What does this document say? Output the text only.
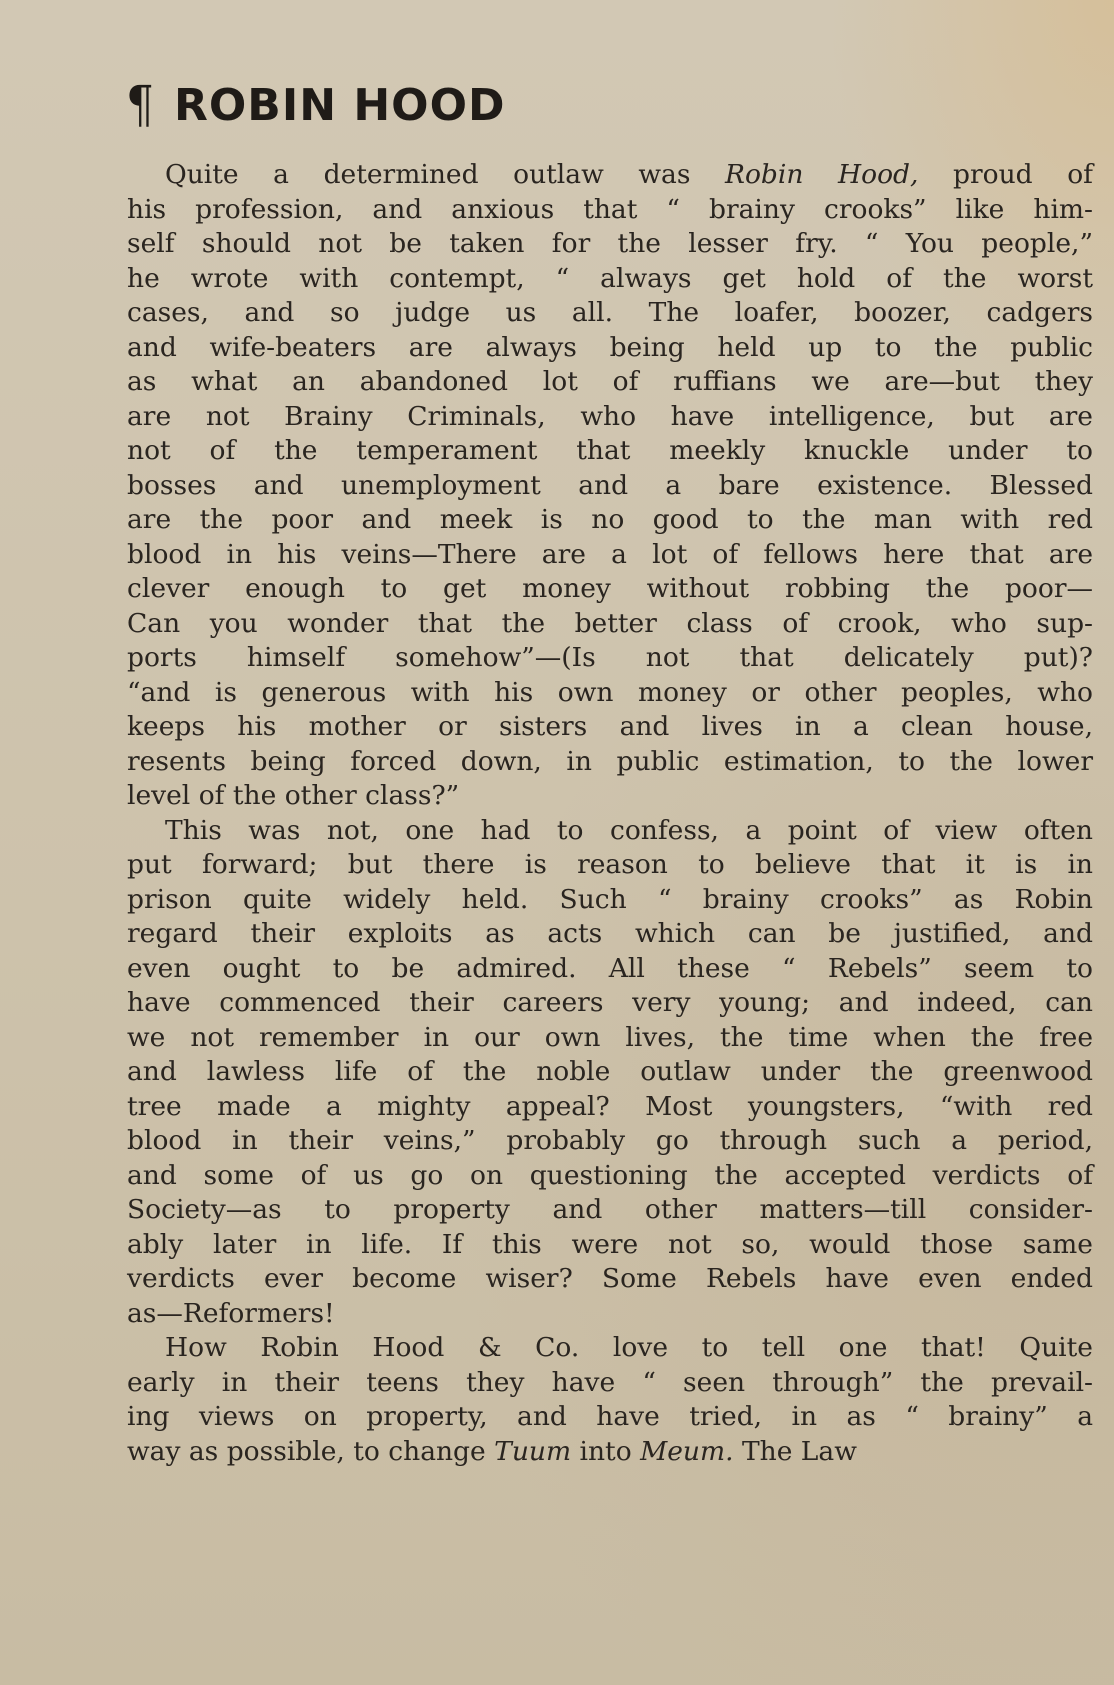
¶ ROBIN HOOD
Quite a determined outlaw was Robin Hood, proud of
his profession, and anxious that “ brainy crooks” like him-
self should not be taken for the lesser fry. “ You people,”
he wrote with contempt, “ always get hold of the worst
cases, and so judge us all. The loafer, boozer, cadgers
and wife-beaters are always being held up to the public
as what an abandoned lot of ruffians we are—but they
are not Brainy Criminals, who have intelligence, but are
not of the temperament that meekly knuckle under to
bosses and unemployment and a bare existence. Blessed
are the poor and meek is no good to the man with red
blood in his veins—There are a lot of fellows here that are
clever enough to get money without robbing the poor—
Can you wonder that the better class of crook, who sup-
ports himself somehow”—(Is not that delicately put)?
“and is generous with his own money or other peoples, who
keeps his mother or sisters and lives in a clean house,
resents being forced down, in public estimation, to the lower
level of the other class?”
This was not, one had to confess, a point of view often
put forward; but there is reason to believe that it is in
prison quite widely held. Such “ brainy crooks” as Robin
regard their exploits as acts which can be justified, and
even ought to be admired. All these “ Rebels” seem to
have commenced their careers very young; and indeed, can
we not remember in our own lives, the time when the free
and lawless life of the noble outlaw under the greenwood
tree made a mighty appeal? Most youngsters, “with red
blood in their veins,” probably go through such a period,
and some of us go on questioning the accepted verdicts of
Society—as to property and other matters—till consider-
ably later in life. If this were not so, would those same
verdicts ever become wiser? Some Rebels have even ended
as—Reformers!
How Robin Hood & Co. love to tell one that! Quite
early in their teens they have “ seen through” the prevail-
ing views on property, and have tried, in as “ brainy” a
way as possible, to change Tuum into Meum. The Law
